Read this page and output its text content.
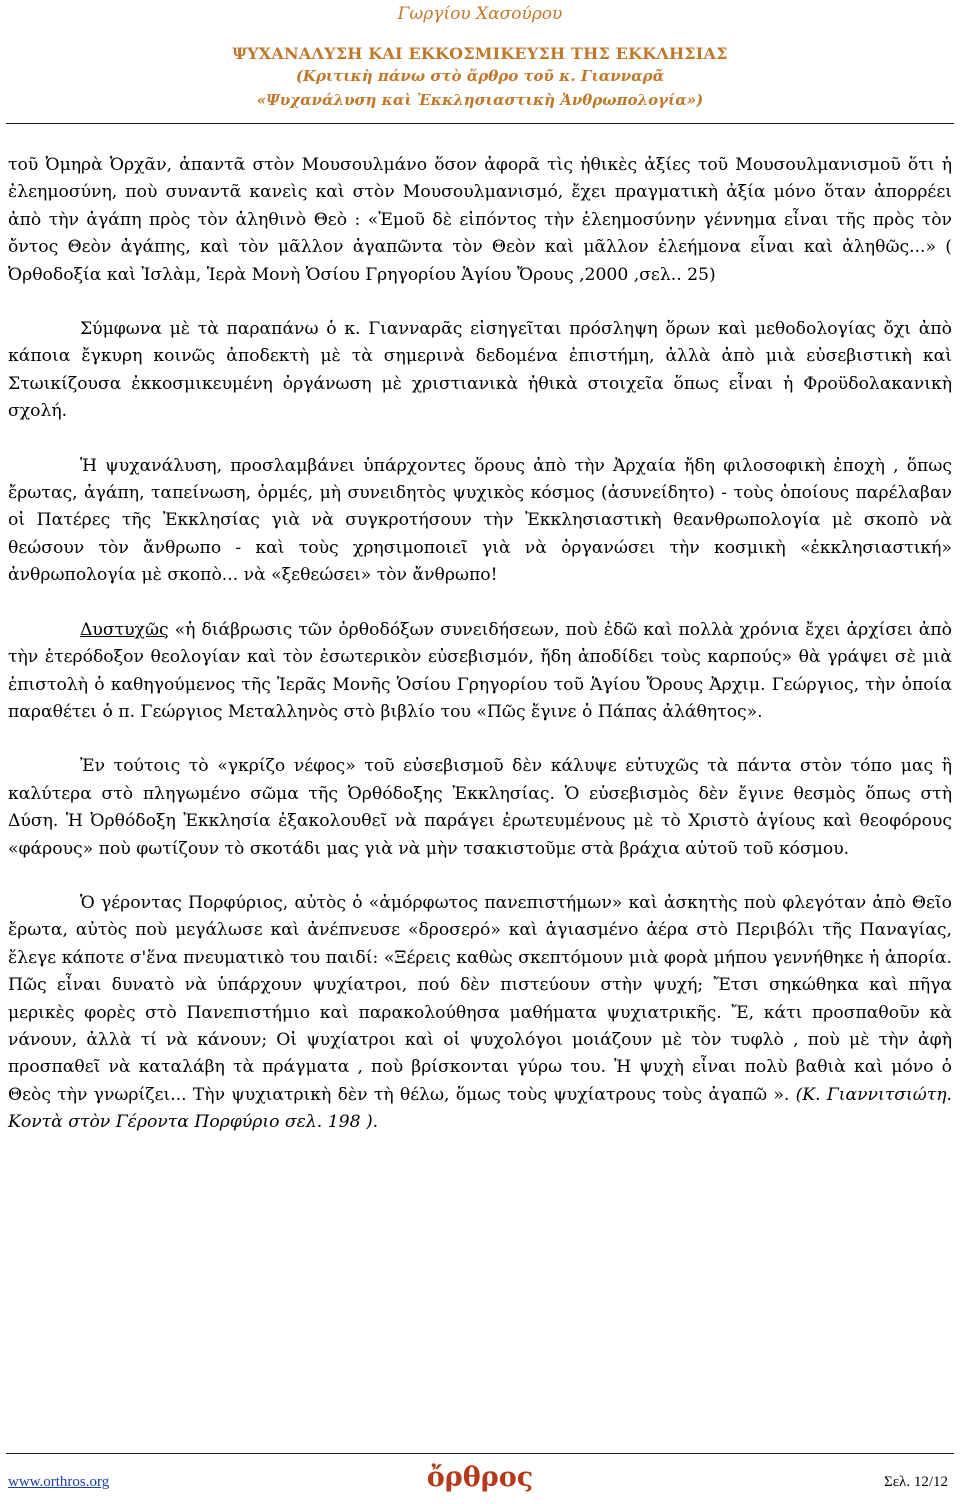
Γωργίου Χασούρου
ΨΥΧΑΝΑΛΥΣΗ ΚΑΙ ΕΚΚΟΣΜΙΚΕΥΣΗ ΤΗΣ ΕΚΚΛΗΣΙΑΣ
(Κριτικὴ πάνω στὸ ἄρθρο τοῦ κ. Γιανναρᾶ
«Ψυχανάλυση καὶ Ἐκκλησιαστικὴ Ἀνθρωπολογία»)

τοῦ Ὀμηρὰ Ὀρχᾶν, ἀπαντᾶ στὸν Μουσουλμάνο ὅσον ἀφορᾶ τὶς ἠθικὲς ἀξίες τοῦ Μουσουλμανισμοῦ ὅτι ἡ ἐλεημοσύνη, ποὺ συναντᾶ κανεὶς καὶ στὸν Μουσουλμανισμό, ἔχει πραγματικὴ ἀξία μόνο ὅταν ἀπορρέει ἀπὸ τὴν ἀγάπη πρὸς τὸν ἀληθινὸ Θεὸ : «Ἐμοῦ δὲ εἰπόντος τὴν ἐλεημοσύνην γέννημα εἶναι τῆς πρὸς τὸν ὄντος Θεὸν ἀγάπης, καὶ τὸν μᾶλλον ἀγαπῶντα τὸν Θεὸν καὶ μᾶλλον ἐλεήμονα εἶναι καὶ ἀληθῶς...» ( Ὀρθοδοξία καὶ Ἰσλὰμ, Ἱερὰ Μονὴ Ὁσίου Γρηγορίου Ἁγίου Ὄρους ,2000 ,σελ.. 25)

Σύμφωνα μὲ τὰ παραπάνω ὁ κ. Γιανναρᾶς εἰσηγεῖται πρόσληψη ὅρων καὶ μεθοδολογίας ὄχι ἀπὸ κάποια ἔγκυρη κοινῶς ἀποδεκτὴ μὲ τὰ σημερινὰ δεδομένα ἐπιστήμη, ἀλλὰ ἀπὸ μιὰ εὐσεβιστικὴ καὶ Στωικίζουσα ἐκκοσμικευμένη ὀργάνωση μὲ χριστιανικὰ ἠθικὰ στοιχεῖα ὅπως εἶναι ἡ Φροϋδολακανικὴ σχολή.

Ἡ ψυχανάλυση, προσλαμβάνει ὑπάρχοντες ὅρους ἀπὸ τὴν Ἀρχαία ἤδη φιλοσοφικὴ ἐποχὴ , ὅπως ἔρωτας, ἀγάπη, ταπείνωση, ὁρμές, μὴ συνειδητὸς ψυχικὸς κόσμος (ἀσυνείδητο) - τοὺς ὁποίους παρέλαβαν οἱ Πατέρες τῆς Ἐκκλησίας γιὰ νὰ συγκροτήσουν τὴν Ἐκκλησιαστικὴ θεανθρωπολογία μὲ σκοπὸ νὰ θεώσουν τὸν ἄνθρωπο - καὶ τοὺς χρησιμοποιεῖ γιὰ νὰ ὀργανώσει τὴν κοσμικὴ «ἐκκλησιαστική» ἀνθρωπολογία μὲ σκοπὸ... νὰ «ξεθεώσει» τὸν ἄνθρωπο!

Δυστυχῶς «ἡ διάβρωσις τῶν ὀρθοδόξων συνειδήσεων, ποὺ ἐδῶ καὶ πολλὰ χρόνια ἔχει ἀρχίσει ἀπὸ τὴν ἑτερόδοξον θεολογίαν καὶ τὸν ἐσωτερικὸν εὐσεβισμόν, ἤδη ἀποδίδει τοὺς καρπούς» θὰ γράψει σὲ μιὰ ἐπιστολὴ ὁ καθηγούμενος τῆς Ἱερᾶς Μονῆς Ὁσίου Γρηγορίου τοῦ Ἁγίου Ὄρους Ἀρχιμ. Γεώργιος, τὴν ὁποία παραθέτει ὁ π. Γεώργιος Μεταλληνὸς στὸ βιβλίο του «Πῶς ἔγινε ὁ Πάπας ἀλάθητος».

Ἐν τούτοις τὸ «γκρίζο νέφος» τοῦ εὐσεβισμοῦ δὲν κάλυψε εὐτυχῶς τὰ πάντα στὸν τόπο μας ἢ καλύτερα στὸ πληγωμένο σῶμα τῆς Ὀρθόδοξης Ἐκκλησίας. Ὁ εὐσεβισμὸς δὲν ἔγινε θεσμὸς ὅπως στὴ Δύση. Ἡ Ὀρθόδοξη Ἐκκλησία ἐξακολουθεῖ νὰ παράγει ἐρωτευμένους μὲ τὸ Χριστὸ ἁγίους καὶ θεοφόρους «φάρους» ποὺ φωτίζουν τὸ σκοτάδι μας γιὰ νὰ μὴν τσακιστοῦμε στὰ βράχια αὐτοῦ τοῦ κόσμου.

Ὁ γέροντας Πορφύριος, αὐτὸς ὁ «ἀμόρφωτος πανεπιστήμων» καὶ ἀσκητὴς ποὺ φλεγόταν ἀπὸ Θεῖο ἔρωτα, αὐτὸς ποὺ μεγάλωσε καὶ ἀνέπνευσε «δροσερό» καὶ ἁγιασμένο ἀέρα στὸ Περιβόλι τῆς Παναγίας, ἔλεγε κάποτε σ'ἕνα πνευματικὸ του παιδί: «Ξέρεις καθὼς σκεπτόμουν μιὰ φορὰ μήπου γεννήθηκε ἡ ἀπορία. Πῶς εἶναι δυνατὸ νὰ ὑπάρχουν ψυχίατροι, πού δὲν πιστεύουν στὴν ψυχή; Ἔτσι σηκώθηκα καὶ πῆγα μερικὲς φορὲς στὸ Πανεπιστήμιο καὶ παρακολούθησα μαθήματα ψυχιατρικῆς. Ἔ, κάτι προσπαθοῦν κὰ νάνουν, ἀλλὰ τί νὰ κάνουν; Οἱ ψυχίατροι καὶ οἱ ψυχολόγοι μοιάζουν μὲ τὸν τυφλὸ , ποὺ μὲ τὴν ἀφὴ προσπαθεῖ νὰ καταλάβη τὰ πράγματα , ποὺ βρίσκονται γύρω του. Ἡ ψυχὴ εἶναι πολὺ βαθιὰ καὶ μόνο ὁ Θεὸς τὴν γνωρίζει... Τὴν ψυχιατρικὴ δὲν τὴ θέλω, ὅμως τοὺς ψυχίατρους τοὺς ἀγαπῶ ». (Κ. Γιαννιτσιώτη. Κοντὰ στὸν Γέροντα Πορφύριο σελ. 198 ).

www.orthros.org	ὄρθρος	Σελ. 12/12
